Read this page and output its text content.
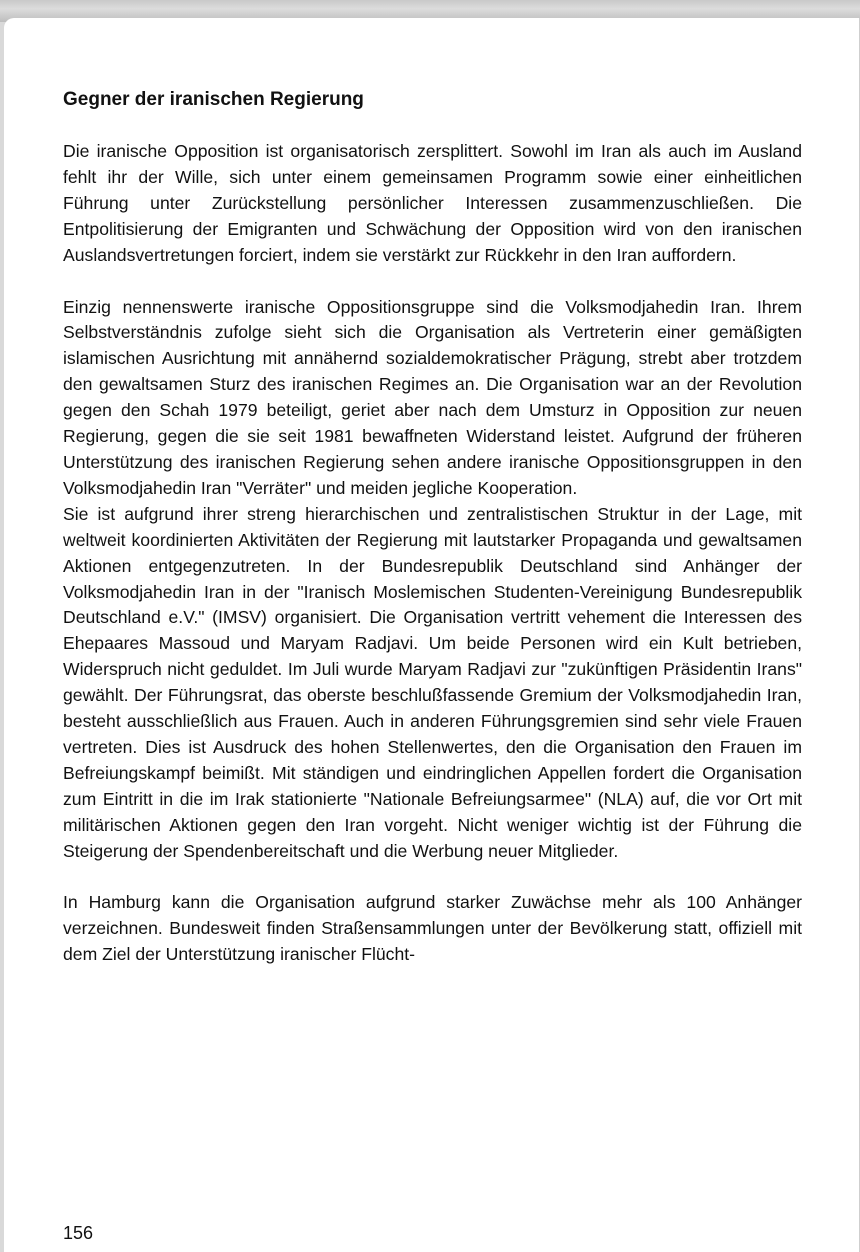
Gegner der iranischen Regierung

Die iranische Opposition ist organisatorisch zersplittert. Sowohl im Iran als auch im Ausland fehlt ihr der Wille, sich unter einem gemeinsamen Programm sowie einer einheitlichen Führung unter Zurückstellung persönlicher Interessen zusammenzuschließen. Die Entpolitisierung der Emigranten und Schwächung der Opposition wird von den iranischen Auslandsvertretungen forciert, indem sie verstärkt zur Rückkehr in den Iran auffordern.

Einzig nennenswerte iranische Oppositionsgruppe sind die Volksmodjahedin Iran. Ihrem Selbstverständnis zufolge sieht sich die Organisation als Vertreterin einer gemäßigten islamischen Ausrichtung mit annähernd sozialdemokratischer Prägung, strebt aber trotzdem den gewaltsamen Sturz des iranischen Regimes an. Die Organisation war an der Revolution gegen den Schah 1979 beteiligt, geriet aber nach dem Umsturz in Opposition zur neuen Regierung, gegen die sie seit 1981 bewaffneten Widerstand leistet. Aufgrund der früheren Unterstützung des iranischen Regierung sehen andere iranische Oppositionsgruppen in den Volksmodjahedin Iran "Verräter" und meiden jegliche Kooperation.

Sie ist aufgrund ihrer streng hierarchischen und zentralistischen Struktur in der Lage, mit weltweit koordinierten Aktivitäten der Regierung mit lautstarker Propaganda und gewaltsamen Aktionen entgegenzutreten. In der Bundesrepublik Deutschland sind Anhänger der Volksmodjahedin Iran in der "Iranisch Moslemischen Studenten-Vereinigung Bundesrepublik Deutschland e.V." (IMSV) organisiert. Die Organisation vertritt vehement die Interessen des Ehepaares Massoud und Maryam Radjavi. Um beide Personen wird ein Kult betrieben, Widerspruch nicht geduldet. Im Juli wurde Maryam Radjavi zur "zukünftigen Präsidentin Irans" gewählt. Der Führungsrat, das oberste beschlußfassende Gremium der Volksmodjahedin Iran, besteht ausschließlich aus Frauen. Auch in anderen Führungsgremien sind sehr viele Frauen vertreten. Dies ist Ausdruck des hohen Stellenwertes, den die Organisation den Frauen im Befreiungskampf beimißt. Mit ständigen und eindringlichen Appellen fordert die Organisation zum Eintritt in die im Irak stationierte "Nationale Befreiungsarmee" (NLA) auf, die vor Ort mit militärischen Aktionen gegen den Iran vorgeht. Nicht weniger wichtig ist der Führung die Steigerung der Spendenbereitschaft und die Werbung neuer Mitglieder.

In Hamburg kann die Organisation aufgrund starker Zuwächse mehr als 100 Anhänger verzeichnen. Bundesweit finden Straßensammlungen unter der Bevölkerung statt, offiziell mit dem Ziel der Unterstützung iranischer Flücht-

156
